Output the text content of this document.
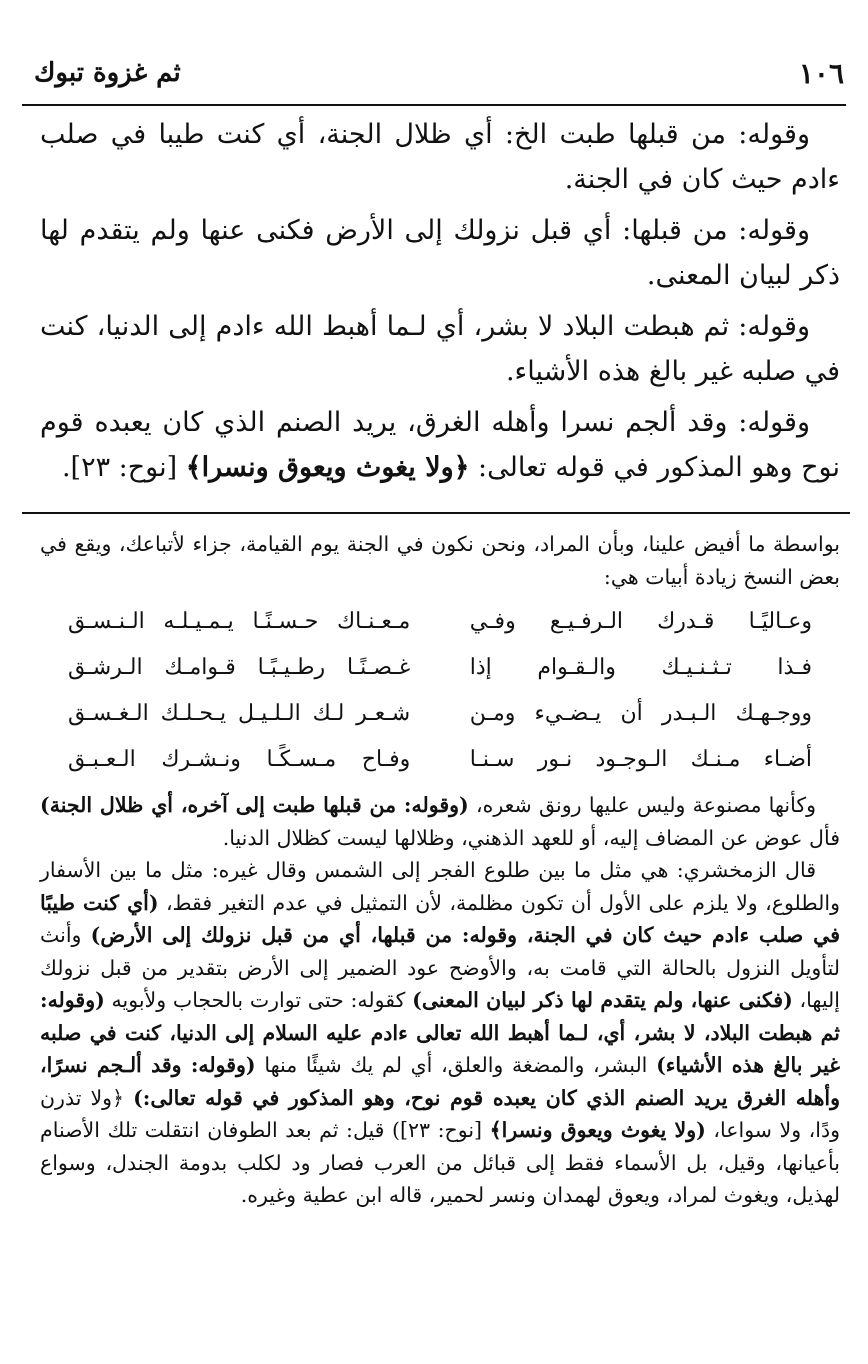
١٠٦
ثم غزوة تبوك

وقوله: من قبلها طبت الخ: أي ظلال الجنة، أي كنت طيبا في صلب ءادم حيث كان في الجنة.

وقوله: من قبلها: أي قبل نزولك إلى الأرض فكنى عنها ولم يتقدم لها ذكر لبيان المعنى.

وقوله: ثم هبطت البلاد لا بشر، أي لـما أهبط الله ءادم إلى الدنيا، كنت في صلبه غير بالغ هذه الأشياء.

وقوله: وقد ألجم نسرا وأهله الغرق، يريد الصنم الذي كان يعبده قوم نوح وهو المذكور في قوله تعالى: ﴿ولا يغوث ويعوق ونسرا﴾ [نوح: ٢٣].

بواسطة ما أفيض علينا، وبأن المراد، ونحن نكون في الجنة يوم القيامة، جزاء لأتباعك، ويقع في بعض النسخ زيادة أبيات هي:

وعـاليًـا قـدرك الـرفـيـع وفـي
مـعـنـاك حـسـنًـا يـمـيـلـه الـنـسـق
فـذا تـثـنـيـك والـقـوام إذا
غـصـنًـا رطـيـبًـا قـوامـك الـرشـق
ووجـهـك الـبـدر أن يـضـيء ومـن
شـعـر لـك الـلـيـل يـحـلـك الـغـسـق
أضـاء مـنـك الـوجـود نـور سـنـا
وفـاح مـسـكًـا ونـشـرك الـعـبـق

وكأنها مصنوعة وليس عليها رونق شعره، (وقوله: من قبلها طبت إلى آخره، أي ظلال الجنة) فأل عوض عن المضاف إليه، أو للعهد الذهني، وظلالها ليست كظلال الدنيا.

قال الزمخشري: هي مثل ما بين طلوع الفجر إلى الشمس وقال غيره: مثل ما بين الأسفار والطلوع، ولا يلزم على الأول أن تكون مظلمة، لأن التمثيل في عدم التغير فقط، (أي كنت طيبًا في صلب ءادم حيث كان في الجنة، وقوله: من قبلها، أي من قبل نزولك إلى الأرض) وأنث لتأويل النزول بالحالة التي قامت به، والأوضح عود الضمير إلى الأرض بتقدير من قبل نزولك إليها، (فكنى عنها، ولم يتقدم لها ذكر لبيان المعنى) كقوله: حتى توارت بالحجاب ولأبويه (وقوله: ثم هبطت البلاد، لا بشر، أي، لـما أهبط الله تعالى ءادم عليه السلام إلى الدنيا، كنت في صلبه غير بالغ هذه الأشياء) البشر، والمضغة والعلق، أي لم يك شيئًا منها (وقوله: وقد ألـجم نسرًا، وأهله الغرق يريد الصنم الذي كان يعبده قوم نوح، وهو المذكور في قوله تعالى:) ﴿ولا تذرن ودًا، ولا سواعا، (ولا يغوث ويعوق ونسرا﴾ [نوح: ٢٣]) قيل: ثم بعد الطوفان انتقلت تلك الأصنام بأعيانها، وقيل، بل الأسماء فقط إلى قبائل من العرب فصار ود لكلب بدومة الجندل، وسواع لهذيل، ويغوث لمراد، ويعوق لهمدان ونسر لحمير، قاله ابن عطية وغيره.
